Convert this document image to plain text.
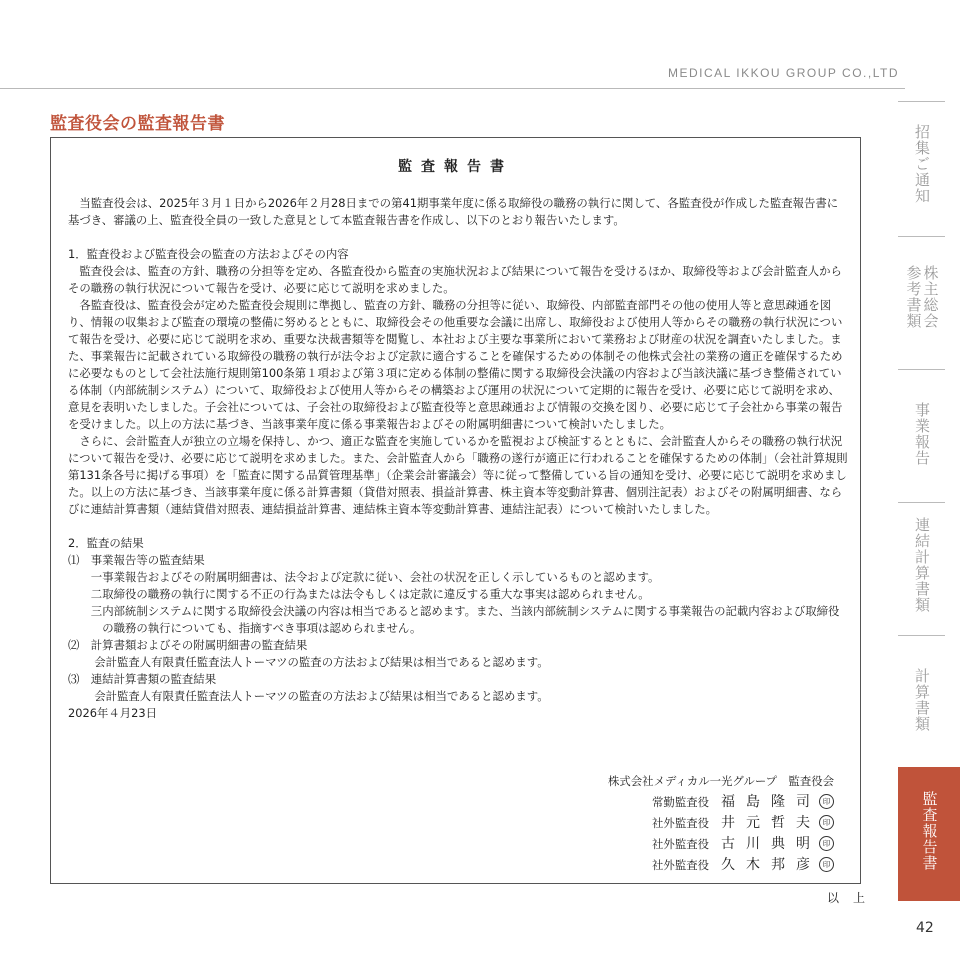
MEDICAL IKKOU GROUP CO.,LTD
監査役会の監査報告書
監査報告書

当監査役会は、2025年３月１日から2026年２月28日までの第41期事業年度に係る取締役の職務の執行に関して、各監査役が作成した監査報告書に基づき、審議の上、監査役全員の一致した意見として本監査報告書を作成し、以下のとおり報告いたします。

1．監査役および監査役会の監査の方法およびその内容

監査役会は、監査の方針、職務の分担等を定め、各監査役から監査の実施状況および結果について報告を受けるほか、取締役等および会計監査人からその職務の執行状況について報告を受け、必要に応じて説明を求めました。

各監査役は、監査役会が定めた監査役会規則に準拠し、監査の方針、職務の分担等に従い、取締役、内部監査部門その他の使用人等と意思疎通を図り、情報の収集および監査の環境の整備に努めるとともに、取締役会その他重要な会議に出席し、取締役および使用人等からその職務の執行状況について報告を受け、必要に応じて説明を求め、重要な決裁書類等を閲覧し、本社および主要な事業所において業務および財産の状況を調査いたしました。また、事業報告に記載されている取締役の職務の執行が法令および定款に適合することを確保するための体制その他株式会社の業務の適正を確保するために必要なものとして会社法施行規則第100条第１項および第３項に定める体制の整備に関する取締役会決議の内容および当該決議に基づき整備されている体制（内部統制システム）について、取締役および使用人等からその構築および運用の状況について定期的に報告を受け、必要に応じて説明を求め、意見を表明いたしました。子会社については、子会社の取締役および監査役等と意思疎通および情報の交換を図り、必要に応じて子会社から事業の報告を受けました。以上の方法に基づき、当該事業年度に係る事業報告およびその附属明細書について検討いたしました。

さらに、会計監査人が独立の立場を保持し、かつ、適正な監査を実施しているかを監視および検証するとともに、会計監査人からその職務の執行状況について報告を受け、必要に応じて説明を求めました。また、会計監査人から「職務の遂行が適正に行われることを確保するための体制」（会社計算規則第131条各号に掲げる事項）を「監査に関する品質管理基準」（企業会計審議会）等に従って整備している旨の通知を受け、必要に応じて説明を求めました。以上の方法に基づき、当該事業年度に係る計算書類（貸借対照表、損益計算書、株主資本等変動計算書、個別注記表）およびその附属明細書、ならびに連結計算書類（連結貸借対照表、連結損益計算書、連結株主資本等変動計算書、連結注記表）について検討いたしました。

2．監査の結果

⑴　事業報告等の監査結果

一事業報告およびその附属明細書は、法令および定款に従い、会社の状況を正しく示しているものと認めます。

二取締役の職務の執行に関する不正の行為または法令もしくは定款に違反する重大な事実は認められません。

三内部統制システムに関する取締役会決議の内容は相当であると認めます。また、当該内部統制システムに関する事業報告の記載内容および取締役の職務の執行についても、指摘すべき事項は認められません。

⑵　計算書類およびその附属明細書の監査結果

会計監査人有限責任監査法人トーマツの監査の方法および結果は相当であると認めます。

⑶　連結計算書類の監査結果

会計監査人有限責任監査法人トーマツの監査の方法および結果は相当であると認めます。

2026年４月23日

株式会社メディカル一光グループ　監査役会
常勤監査役 福島隆司 印
社外監査役 井元哲夫 印
社外監査役 古川典明 印
社外監査役 久木邦彦 印
以上
招集ご通知
株主総会
参考書類
事業報告
連結計算書類
計算書類
監査報告書
42
